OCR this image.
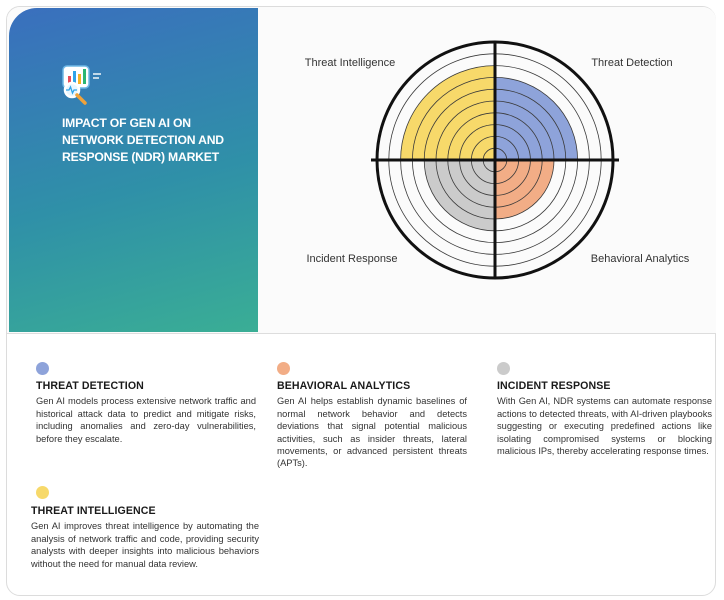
IMPACT OF GEN AI ON NETWORK DETECTION AND RESPONSE (NDR) MARKET
Threat Intelligence	Threat Detection
Behavioral Analytics
Incident Response
THREAT DETECTION
Gen AI models process extensive network traffic and historical attack data to predict and mitigate risks, including anomalies and zero-day vulnerabilities, before they escalate.
BEHAVIORAL ANALYTICS
Gen AI helps establish dynamic baselines of normal network behavior and detects deviations that signal potential malicious activities, such as insider threats, lateral movements, or advanced persistent threats (APTs).
INCIDENT RESPONSE
With Gen AI, NDR systems can automate response actions to detected threats, with AI-driven playbooks suggesting or executing predefined actions like isolating compromised systems or blocking malicious IPs, thereby accelerating response times.
THREAT INTELLIGENCE
Gen AI improves threat intelligence by automating the analysis of network traffic and code, providing security analysts with deeper insights into malicious behaviors without the need for manual data review.
